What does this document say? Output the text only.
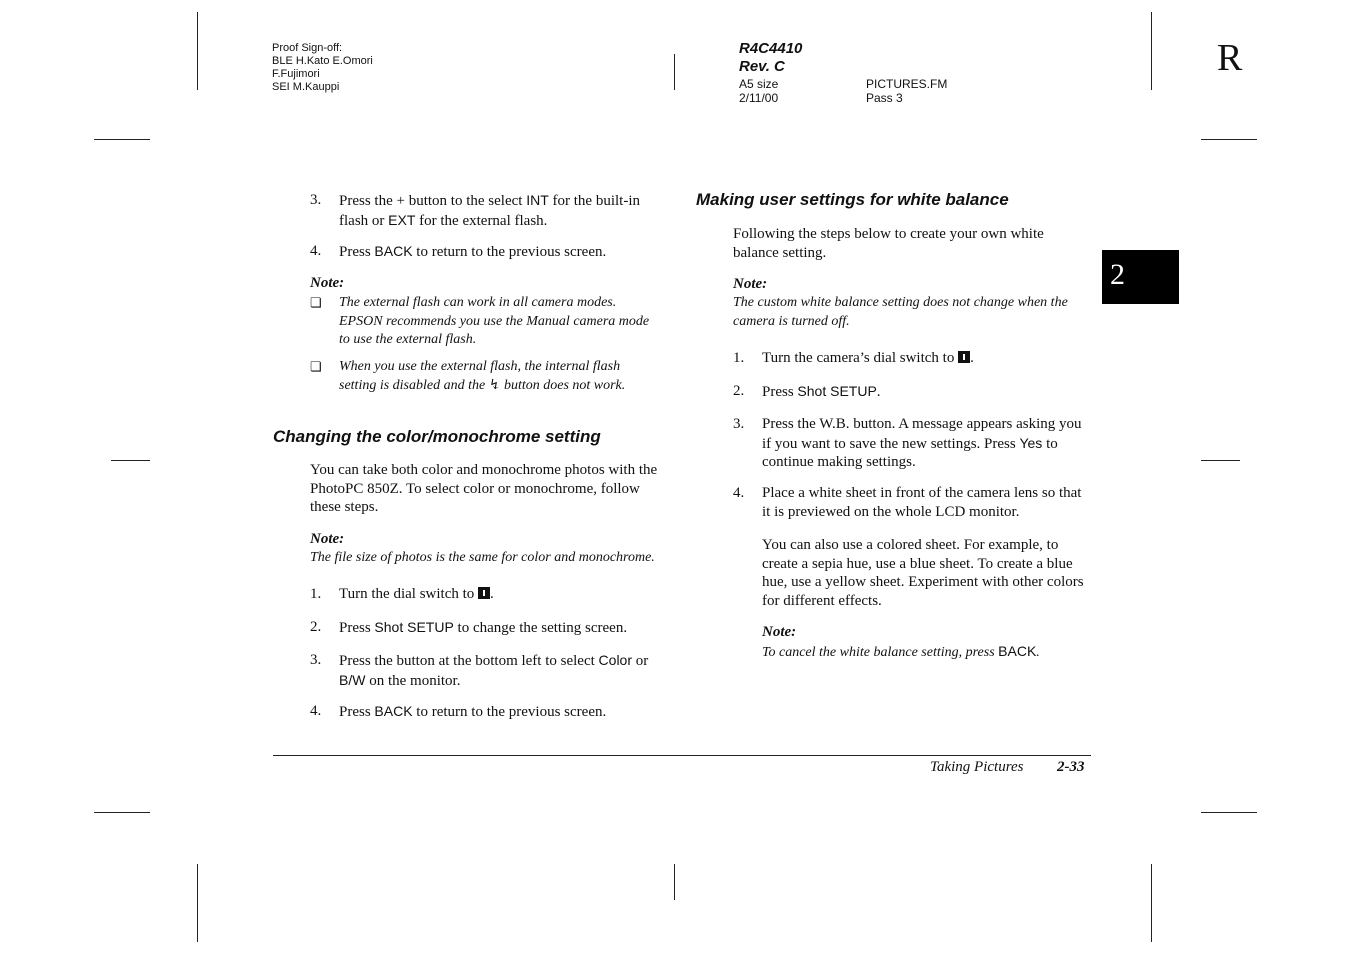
Proof Sign-off:
BLE H.Kato E.Omori
F.Fujimori
SEI M.Kauppi
R4C4410
Rev. C
A5 size
2/11/00
PICTURES.FM
Pass 3
R
2
3. Press the + button to the select INT for the built-in flash or EXT for the external flash.
4. Press BACK to return to the previous screen.
Note:
❏ The external flash can work in all camera modes. EPSON recommends you use the Manual camera mode to use the external flash.
❏ When you use the external flash, the internal flash setting is disabled and the ↯ button does not work.
Changing the color/monochrome setting
You can take both color and monochrome photos with the PhotoPC 850Z. To select color or monochrome, follow these steps.
Note:
The file size of photos is the same for color and monochrome.
1. Turn the dial switch to .
2. Press Shot SETUP to change the setting screen.
3. Press the button at the bottom left to select Color or B/W on the monitor.
4. Press BACK to return to the previous screen.
Making user settings for white balance
Following the steps below to create your own white balance setting.
Note:
The custom white balance setting does not change when the camera is turned off.
1. Turn the camera’s dial switch to .
2. Press Shot SETUP.
3. Press the W.B. button. A message appears asking you if you want to save the new settings. Press Yes to continue making settings.
4. Place a white sheet in front of the camera lens so that it is previewed on the whole LCD monitor.
You can also use a colored sheet. For example, to create a sepia hue, use a blue sheet. To create a blue hue, use a yellow sheet. Experiment with other colors for different effects.
Note:
To cancel the white balance setting, press BACK.
Taking Pictures 2-33
